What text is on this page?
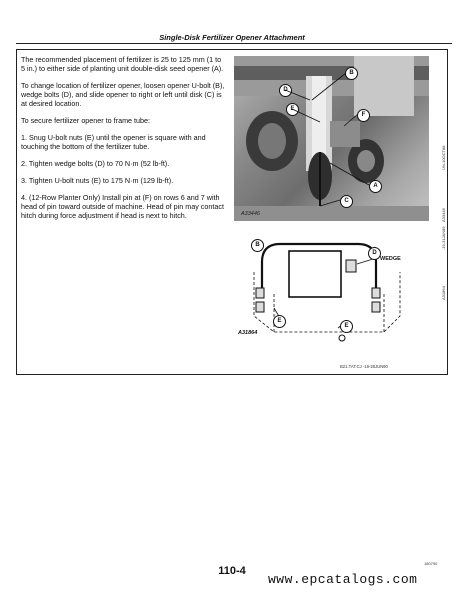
Single-Disk Fertilizer Opener Attachment

The recommended placement of fertilizer is 25 to 125 mm (1 to 5 in.) to either side of planting unit double-disk seed opener (A).

To change location of fertilizer opener, loosen opener U-bolt (B), wedge bolts (D), and slide opener to right or left until disk (C) is at desired location.

To secure fertilizer opener to frame tube:

1. Snug U-bolt nuts (E) until the opener is square with and touching the bottom of the fertilizer tube.

2. Tighten wedge bolts (D) to 70 N·m (52 lb-ft).

3. Tighten U-bolt nuts (E) to 175 N·m (129 lb-ft).

4. (12-Row Planter Only) Install pin at (F) on rows 6 and 7 with head of pin toward outside of machine. Head of pin may contact hitch during force adjustment if head is next to hitch.

B
D
E
F
A
C
A33446
UN-10OCT88
A33446
B
D
WEDGE
E
E
A31864
A31864
-19-31JAN89
B21.TAT.CJ -19-28JUN90
110-4
180790
www.epcatalogs.com
